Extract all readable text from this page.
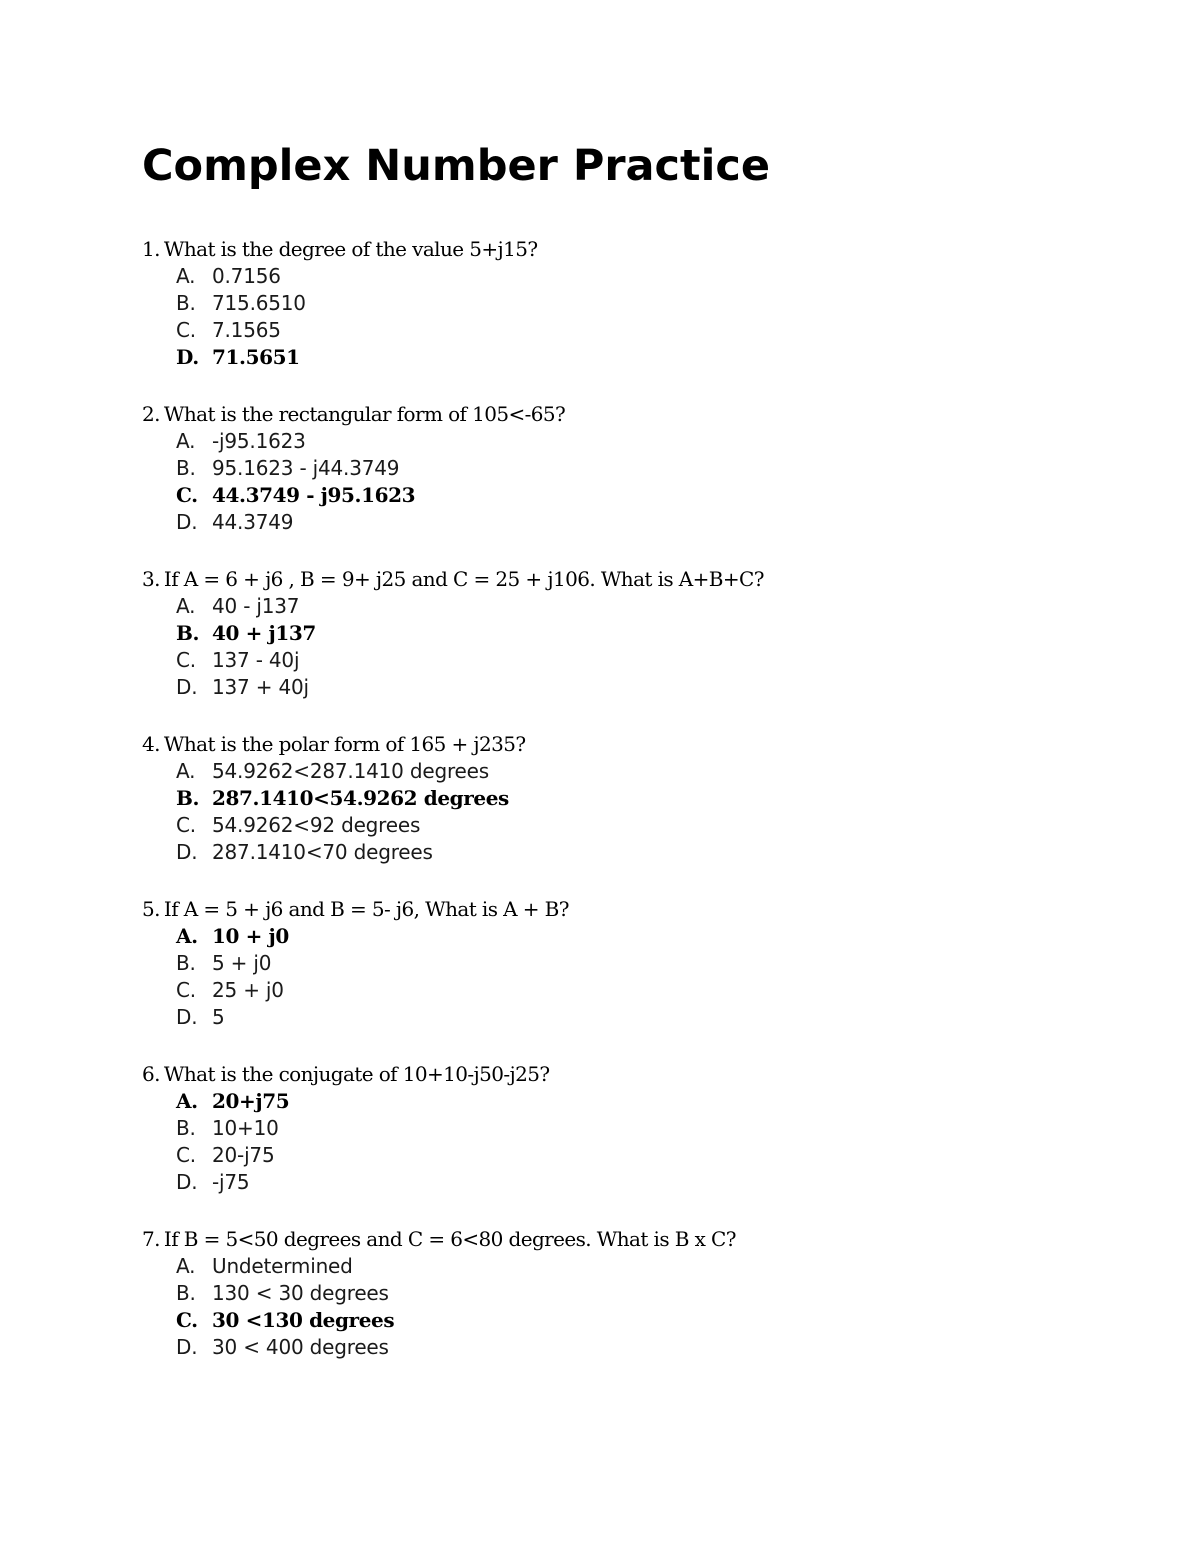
Complex Number Practice
1. What is the degree of the value 5+j15?
A. 0.7156
B. 715.6510
C. 7.1565
D. 71.5651
2. What is the rectangular form of 105<-65?
A. -j95.1623
B. 95.1623 - j44.3749
C. 44.3749 - j95.1623
D. 44.3749
3. If A = 6 + j6 , B = 9+ j25 and C = 25 + j106. What is A+B+C?
A. 40 - j137
B. 40 + j137
C. 137 - 40j
D. 137 + 40j
4. What is the polar form of 165 + j235?
A. 54.9262<287.1410 degrees
B. 287.1410<54.9262 degrees
C. 54.9262<92 degrees
D. 287.1410<70 degrees
5. If A = 5 + j6 and B = 5- j6, What is A + B?
A. 10 + j0
B. 5 + j0
C. 25 + j0
D. 5
6. What is the conjugate of 10+10-j50-j25?
A. 20+j75
B. 10+10
C. 20-j75
D. -j75
7. If B = 5<50 degrees and C = 6<80 degrees. What is B x C?
A. Undetermined
B. 130 < 30 degrees
C. 30 <130 degrees
D. 30 < 400 degrees
